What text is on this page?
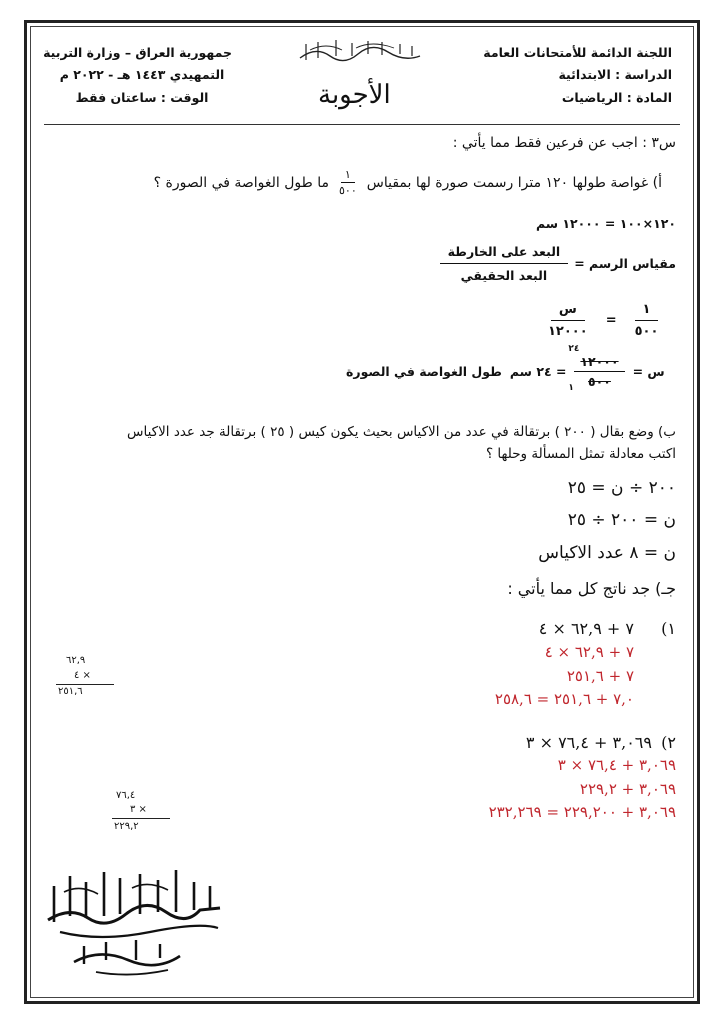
اللجنة الدائمة للأمتحانات العامة
الدراسة : الابتدائية
المادة : الرياضيات
جمهورية العراق – وزارة التربية
التمهيدي ١٤٤٣ هـ - ٢٠٢٢ م
الوقت : ساعتان فقط	الأجوبة
س٣ : اجب عن فرعين فقط مما يأتي :
أ) غواصة طولها ١٢٠ مترا رسمت صورة لها بمقياس
$\frac{١}{٥٠٠}$
ما طول الغواصة في الصورة ؟
١٢٠×١٠٠ = ١٢٠٠٠ سم
مقياس الرسم =
$\frac{\text{البعد على الخارطة}}{\text{البعد الحقيقي}}$
$\frac{\text{س}}{١٢٠٠٠} = \frac{١}{٥٠٠}$
طول الغواصة في الصورة = ٢٤ سم
٢٤
١٢٠٠٠
٥٠٠
١
س =
ب) وضع بقال ( ٢٠٠ ) برتقالة في عدد من الاكياس بحيث يكون كيس ( ٢٥ ) برتقالة جد عدد الاكياس
اكتب معادلة تمثل المسألة وحلها ؟
٢٠٠ ÷ ن = ٢٥
ن = ٢٠٠ ÷ ٢٥
ن = ٨ عدد الاكياس
جـ) جد ناتج كل مما يأتي :
١)
٧ + ٦٢,٩ × ٤
٧ + ٦٢,٩ × ٤
٧ + ٢٥١,٦
٧,٠ + ٢٥١,٦ = ٢٥٨,٦
٦٢,٩
٤ ×
٢٥١,٦
٢)
٣,٠٦٩ + ٧٦,٤ × ٣
٣,٠٦٩ + ٧٦,٤ × ٣
٣,٠٦٩ + ٢٢٩,٢
٣,٠٦٩ + ٢٢٩,٢٠٠ = ٢٣٢,٢٦٩
٧٦,٤
٣ ×
٢٢٩,٢
